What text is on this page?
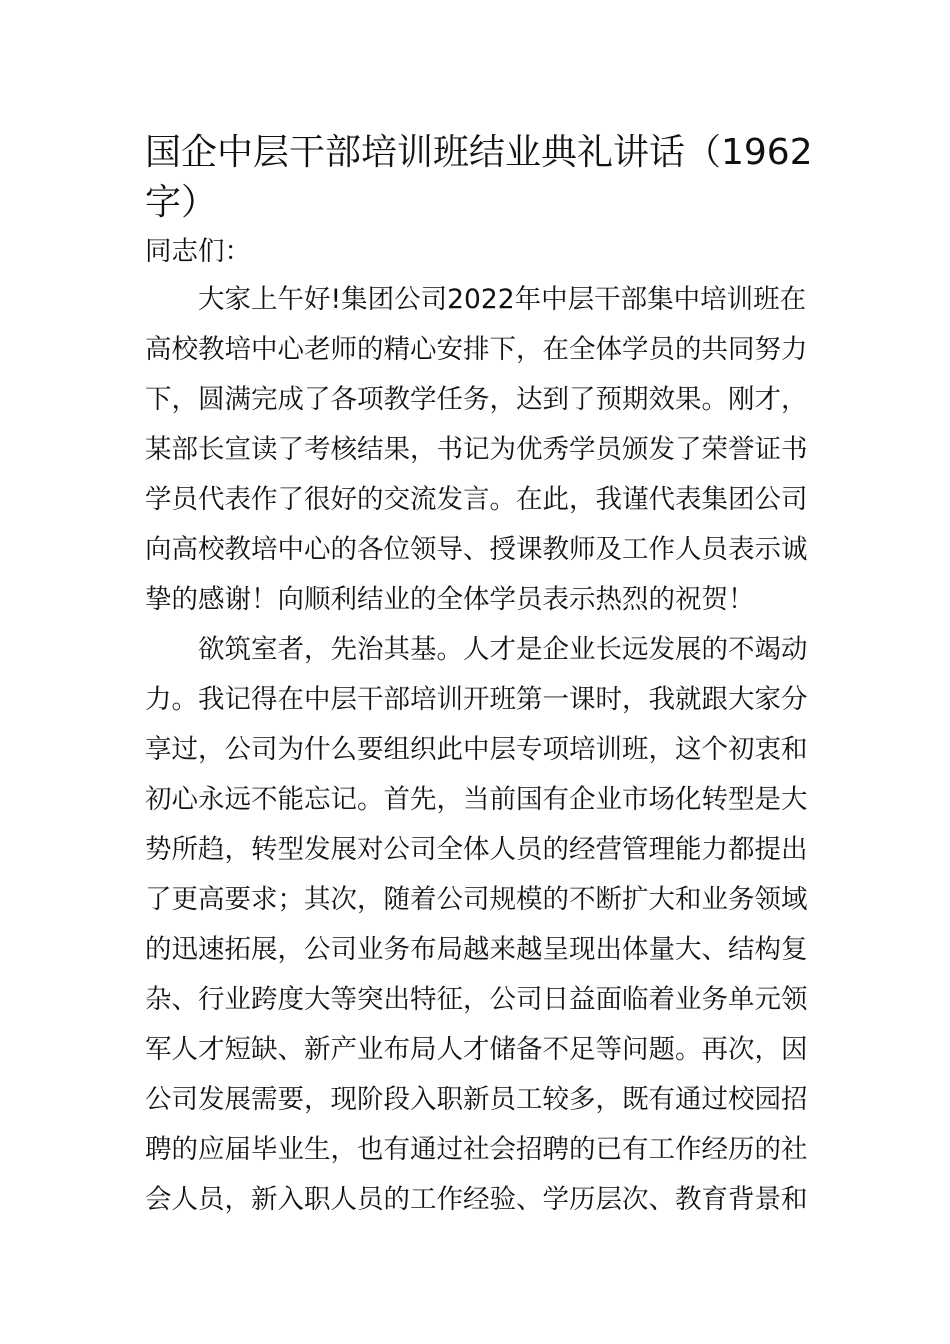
国企中层干部培训班结业典礼讲话（1962字）

同志们：

　　大家上午好!集团公司2022年中层干部集中培训班在

高校教培中心老师的精心安排下，在全体学员的共同努力

下，圆满完成了各项教学任务，达到了预期效果。刚才，

某部长宣读了考核结果，书记为优秀学员颁发了荣誉证书

学员代表作了很好的交流发言。在此，我谨代表集团公司

向高校教培中心的各位领导、授课教师及工作人员表示诚

挚的感谢！向顺利结业的全体学员表示热烈的祝贺！

　　欲筑室者，先治其基。人才是企业长远发展的不竭动

力。我记得在中层干部培训开班第一课时，我就跟大家分

享过，公司为什么要组织此中层专项培训班，这个初衷和

初心永远不能忘记。首先，当前国有企业市场化转型是大

势所趋，转型发展对公司全体人员的经营管理能力都提出

了更高要求；其次，随着公司规模的不断扩大和业务领域

的迅速拓展，公司业务布局越来越呈现出体量大、结构复

杂、行业跨度大等突出特征，公司日益面临着业务单元领

军人才短缺、新产业布局人才储备不足等问题。再次，因

公司发展需要，现阶段入职新员工较多，既有通过校园招

聘的应届毕业生，也有通过社会招聘的已有工作经历的社

会人员，新入职人员的工作经验、学历层次、教育背景和
